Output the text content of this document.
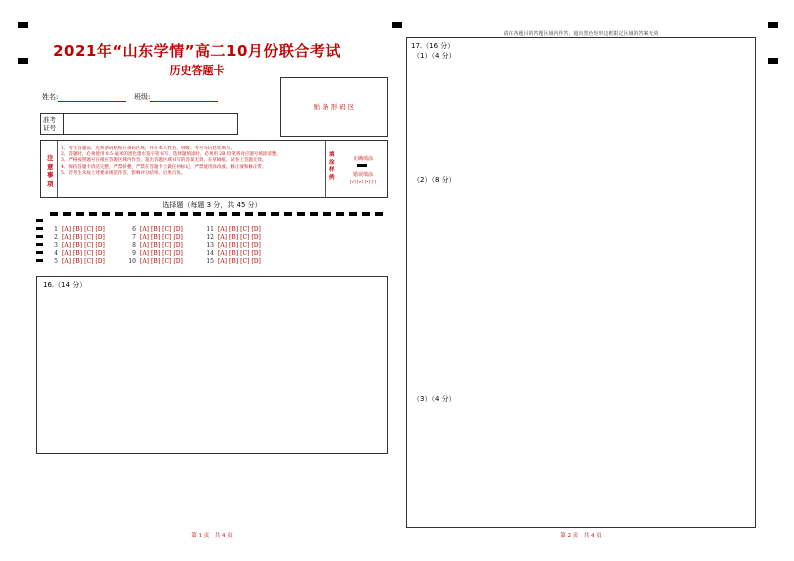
2021年“山东学情”高二10月份联合考试
历史答题卡
姓名:	班级:
准考证号
贴 条 形 码 区
注意事项
1、考生答题前，先将条码粘贴在条码区域，并在本人姓名、班级、考号等信息处填写。
2、答题时，必须使用 0.5 毫米的黑色墨水签字笔书写，选择题填涂时，必须用 2B 铅笔将对应题号填涂清楚。
3、严格按照题号在相应答题区域内作答，超出答题区域书写的答案无效，在草稿纸、试卷上答题无效。
4、保持答题卡清洁完整，严禁折叠，严禁在答题卡上做任何标记，严禁使用涂改液、修正液和修正带。
5、若考生未按上述要求规范作答，影响评分结果，后果自负。
填涂样例
正确填涂
错误填涂
[√] [×] [•] [-]
选择题（每题 3 分，共 45 分）
1 [A] [B] [C] [D]
2 [A] [B] [C] [D]
3 [A] [B] [C] [D]
4 [A] [B] [C] [D]
5 [A] [B] [C] [D]
6 [A] [B] [C] [D]
7 [A] [B] [C] [D]
8 [A] [B] [C] [D]
9 [A] [B] [C] [D]
10 [A] [B] [C] [D]
11 [A] [B] [C] [D]
12 [A] [B] [C] [D]
13 [A] [B] [C] [D]
14 [A] [B] [C] [D]
15 [A] [B] [C] [D]
16.（14 分）
第 1 页　共 4 页
请在各题目的答题区域内作答，超出黑色矩形边框限定区域的答案无效
17.（16 分）
（1）（4 分）
（2）（8 分）
（3）（4 分）
第 2 页　共 4 页
